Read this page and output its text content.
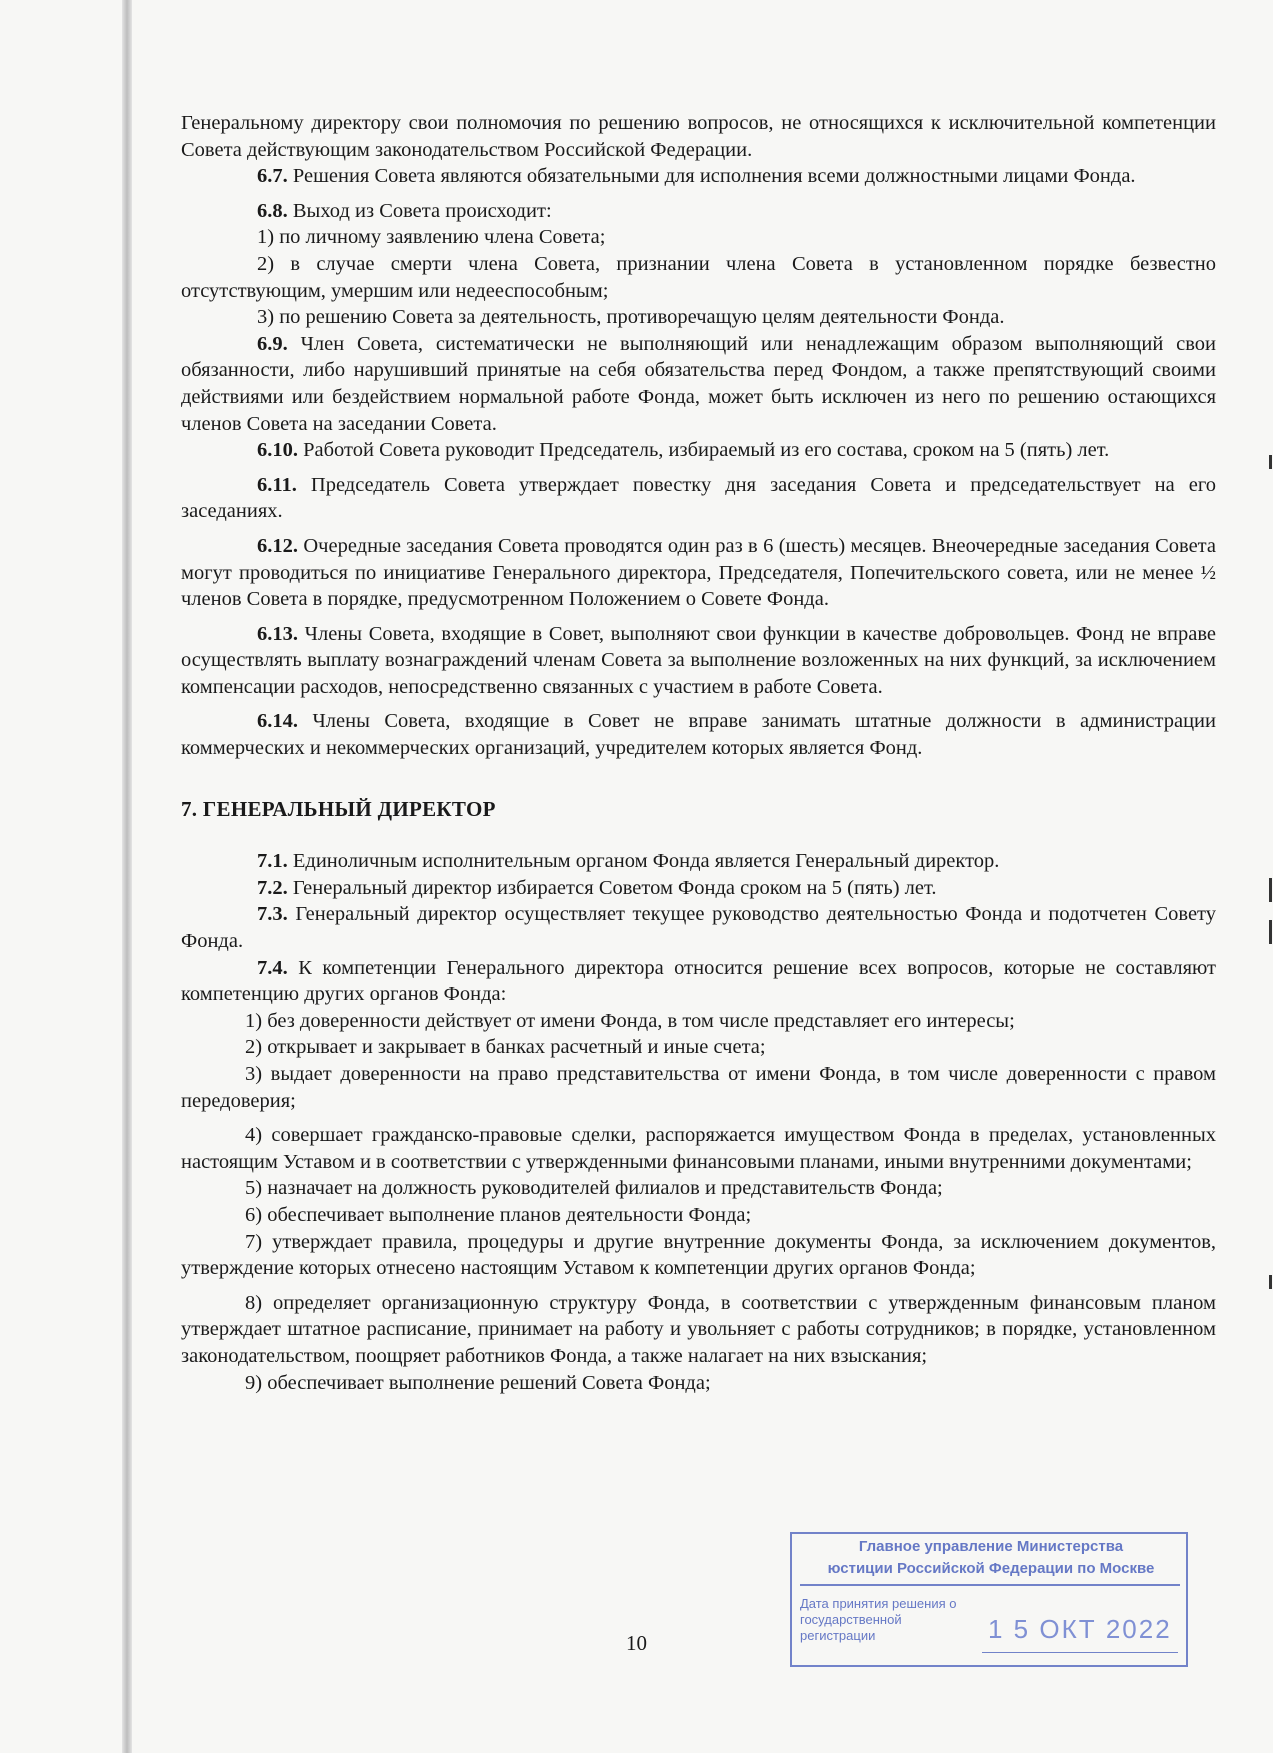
Генеральному директору свои полномочия по решению вопросов, не относящихся к исключительной компетенции Совета действующим законодательством Российской Федерации.

6.7. Решения Совета являются обязательными для исполнения всеми должностными лицами Фонда.

6.8. Выход из Совета происходит:

1) по личному заявлению члена Совета;

2) в случае смерти члена Совета, признании члена Совета в установленном порядке безвестно отсутствующим, умершим или недееспособным;

3) по решению Совета за деятельность, противоречащую целям деятельности Фонда.

6.9. Член Совета, систематически не выполняющий или ненадлежащим образом выполняющий свои обязанности, либо нарушивший принятые на себя обязательства перед Фондом, а также препятствующий своими действиями или бездействием нормальной работе Фонда, может быть исключен из него по решению остающихся членов Совета на заседании Совета.

6.10. Работой Совета руководит Председатель, избираемый из его состава, сроком на 5 (пять) лет.

6.11. Председатель Совета утверждает повестку дня заседания Совета и председательствует на его заседаниях.

6.12. Очередные заседания Совета проводятся один раз в 6 (шесть) месяцев. Внеочередные заседания Совета могут проводиться по инициативе Генерального директора, Председателя, Попечительского совета, или не менее ½ членов Совета в порядке, предусмотренном Положением о Совете Фонда.

6.13. Члены Совета, входящие в Совет, выполняют свои функции в качестве добровольцев. Фонд не вправе осуществлять выплату вознаграждений членам Совета за выполнение возложенных на них функций, за исключением компенсации расходов, непосредственно связанных с участием в работе Совета.

6.14. Члены Совета, входящие в Совет не вправе занимать штатные должности в администрации коммерческих и некоммерческих организаций, учредителем которых является Фонд.

7. ГЕНЕРАЛЬНЫЙ ДИРЕКТОР

7.1. Единоличным исполнительным органом Фонда является Генеральный директор.

7.2. Генеральный директор избирается Советом Фонда сроком на 5 (пять) лет.

7.3. Генеральный директор осуществляет текущее руководство деятельностью Фонда и подотчетен Совету Фонда.

7.4. К компетенции Генерального директора относится решение всех вопросов, которые не составляют компетенцию других органов Фонда:

1) без доверенности действует от имени Фонда, в том числе представляет его интересы;

2) открывает и закрывает в банках расчетный и иные счета;

3) выдает доверенности на право представительства от имени Фонда, в том числе доверенности с правом передоверия;

4) совершает гражданско-правовые сделки, распоряжается имуществом Фонда в пределах, установленных настоящим Уставом и в соответствии с утвержденными финансовыми планами, иными внутренними документами;

5) назначает на должность руководителей филиалов и представительств Фонда;

6) обеспечивает выполнение планов деятельности Фонда;

7) утверждает правила, процедуры и другие внутренние документы Фонда, за исключением документов, утверждение которых отнесено настоящим Уставом к компетенции других органов Фонда;

8) определяет организационную структуру Фонда, в соответствии с утвержденным финансовым планом утверждает штатное расписание, принимает на работу и увольняет с работы сотрудников; в порядке, установленном законодательством, поощряет работников Фонда, а также налагает на них взыскания;

9) обеспечивает выполнение решений Совета Фонда;

10
Главное управление Министерства
юстиции Российской Федерации по Москве
Дата принятия решения о государственной регистрации	1 5 ОКТ 2022
